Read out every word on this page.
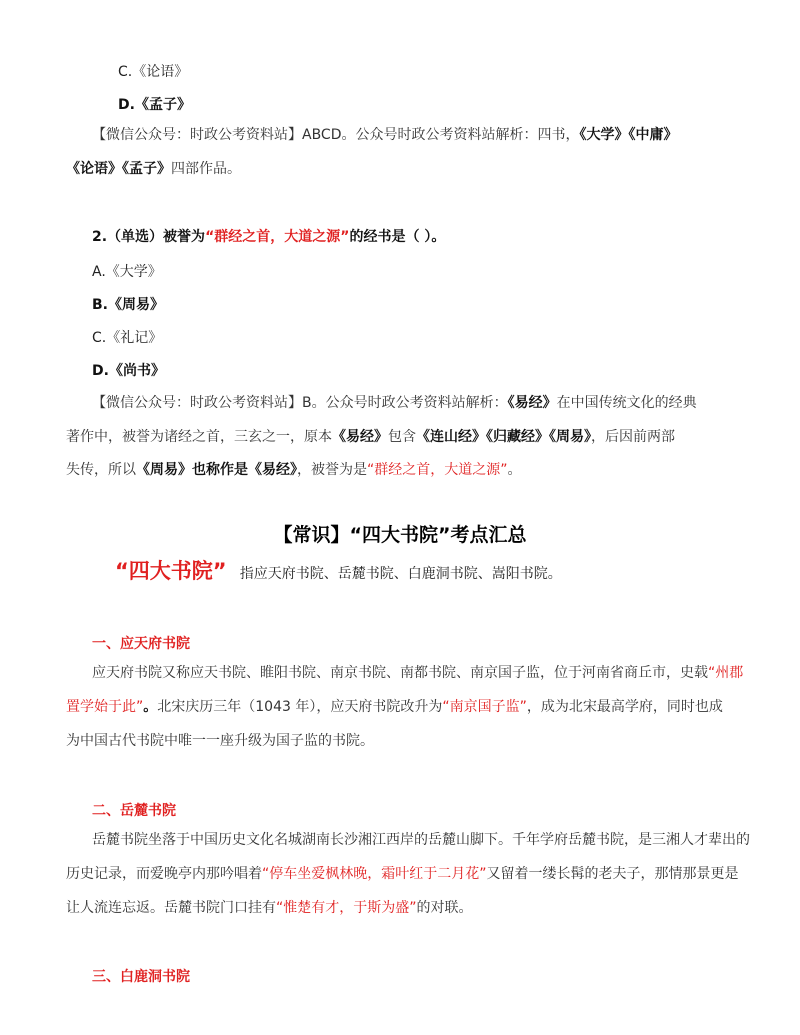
C.《论语》
D.《孟子》
【微信公众号：时政公考资料站】ABCD。公众号时政公考资料站解析：四书，《大学》《中庸》
《论语》《孟子》四部作品。
2.（单选）被誉为“群经之首，大道之源”的经书是（ ）。
A.《大学》
B.《周易》
C.《礼记》
D.《尚书》
【微信公众号：时政公考资料站】B。公众号时政公考资料站解析：《易经》在中国传统文化的经典
著作中，被誉为诸经之首，三玄之一，原本《易经》包含《连山经》《归藏经》《周易》，后因前两部
失传，所以《周易》也称作是《易经》，被誉为是“群经之首，大道之源”。
【常识】“四大书院”考点汇总
“四大书院” 指应天府书院、岳麓书院、白鹿洞书院、嵩阳书院。
一、应天府书院
应天府书院又称应天书院、睢阳书院、南京书院、南都书院、南京国子监，位于河南省商丘市，史载“州郡
置学始于此”。北宋庆历三年（1043 年），应天府书院改升为“南京国子监”，成为北宋最高学府，同时也成
为中国古代书院中唯一一座升级为国子监的书院。
二、岳麓书院
岳麓书院坐落于中国历史文化名城湖南长沙湘江西岸的岳麓山脚下。千年学府岳麓书院，是三湘人才辈出的
历史记录，而爱晚亭内那吟唱着“停车坐爱枫林晚，霜叶红于二月花”又留着一缕长髯的老夫子，那情那景更是
让人流连忘返。岳麓书院门口挂有“惟楚有才，于斯为盛”的对联。
三、白鹿洞书院
